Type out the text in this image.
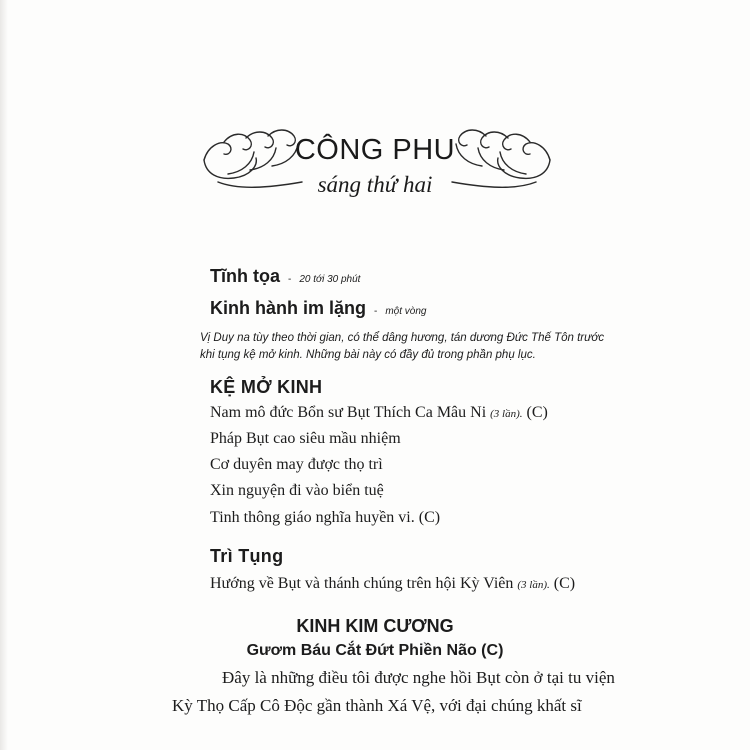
CÔNG PHU
sáng thứ hai
Tĩnh tọa - 20 tới 30 phút
Kinh hành im lặng - một vòng
Vị Duy na tùy theo thời gian, có thể dâng hương, tán dương Đức Thế Tôn trước
khi tụng kệ mở kinh. Những bài này có đầy đủ trong phần phụ lục.
KỆ MỞ KINH
Nam mô đức Bổn sư Bụt Thích Ca Mâu Ni (3 lần). (C)
Pháp Bụt cao siêu mầu nhiệm
Cơ duyên may được thọ trì
Xin nguyện đi vào biển tuệ
Tinh thông giáo nghĩa huyền vi. (C)
Trì Tụng
Hướng về Bụt và thánh chúng trên hội Kỳ Viên (3 lần). (C)
KINH KIM CƯƠNG
Gươm Báu Cắt Đứt Phiền Não (C)
Đây là những điều tôi được nghe hồi Bụt còn ở tại tu viện
Kỳ Thọ Cấp Cô Độc gần thành Xá Vệ, với đại chúng khất sĩ
